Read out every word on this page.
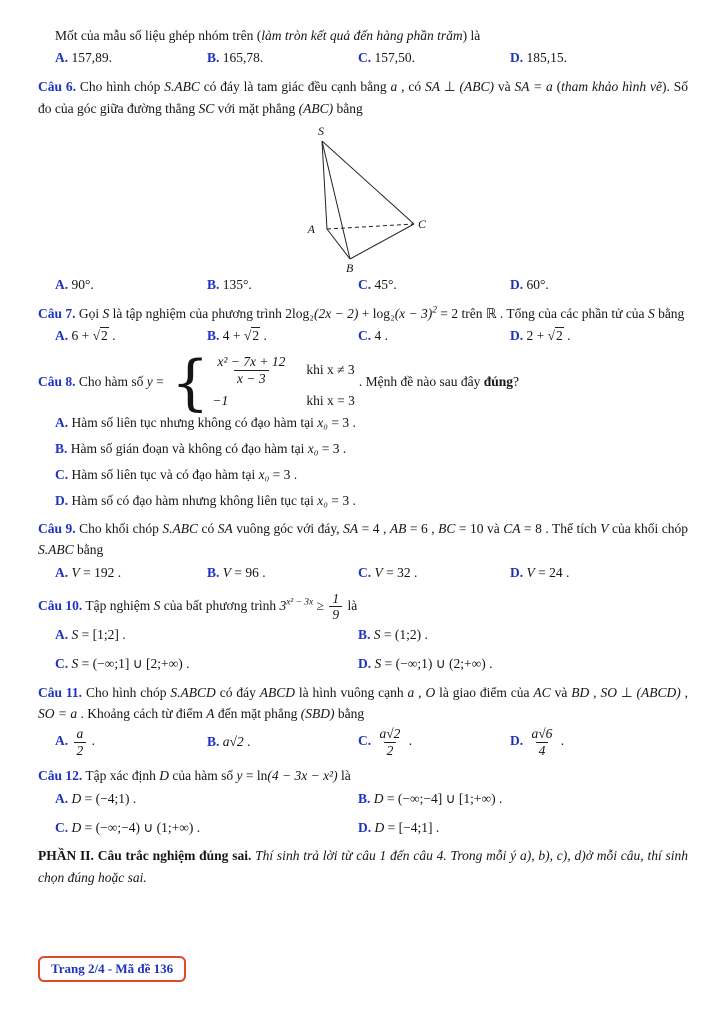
Mốt của mẫu số liệu ghép nhóm trên (làm tròn kết quả đến hàng phần trăm) là

A. 157,89.	B. 165,78.	C. 157,50.	D. 185,15.

Câu 6. Cho hình chóp S.ABC có đáy là tam giác đều cạnh bằng a , có SA ⊥ (ABC) và SA = a (tham khảo hình vẽ). Số đo của góc giữa đường thẳng SC với mặt phẳng (ABC) bằng

S
A	C
B
A. 90°.	B. 135°.	C. 45°.	D. 60°.

Câu 7. Gọi S là tập nghiệm của phương trình $2\log_2(2x - 2) + \log_2(x - 3)^2 = 2$ trên ℝ . Tổng của các phần tử của S bằng

A. 6 + √2 .	B. 4 + √2 .	C. 4 .	D. 2 + √2 .

Câu 8. Cho hàm số y = { $\frac{\text{x² − 7x + 12}}{x - 3}$ khi x ≠ 3
−1	khi x = 3
. Mệnh đề nào sau đây đúng?

A. Hàm số liên tục nhưng không có đạo hàm tại x₀ = 3 .
B. Hàm số gián đoạn và không có đạo hàm tại x₀ = 3 .
C. Hàm số liên tục và có đạo hàm tại x₀ = 3 .
D. Hàm số có đạo hàm nhưng không liên tục tại x₀ = 3 .

Câu 9. Cho khối chóp S.ABC có SA vuông góc với đáy, SA = 4 , AB = 6 , BC = 10 và CA = 8 . Thể tích V của khối chóp S.ABC bằng

A. V = 192 .	B. V = 96 .	C. V = 32 .	D. V = 24 .

Câu 10. Tập nghiệm S của bất phương trình $3^{x^2 - 3x} \ge \frac{1}{9}$ là

A. S = [1;2] .	B. S = (1;2) .
C. S = (−∞;1] ∪ [2;+∞) .	D. S = (−∞;1) ∪ (2;+∞) .

Câu 11. Cho hình chóp S.ABCD có đáy ABCD là hình vuông cạnh a , O là giao điểm của AC và BD , SO ⊥ (ABCD) , SO = a . Khoảng cách từ điểm A đến mặt phẳng (SBD) bằng

A. $\frac{a}{2}$ .	B. a√2 .	C. $\frac{a√2}{2}$ .	D. $\frac{a√6}{4}$ .

Câu 12. Tập xác định D của hàm số y = ln(4 − 3x − x²) là

A. D = (−4;1) .	B. D = (−∞;−4] ∪ [1;+∞) .
C. D = (−∞;−4) ∪ (1;+∞) .	D. D = [−4;1] .

PHẦN II. Câu trắc nghiệm đúng sai. Thí sinh trả lời từ câu 1 đến câu 4. Trong mỗi ý a), b), c), d)ở mỗi câu, thí sinh chọn đúng hoặc sai.

Trang 2/4 - Mã đề 136
